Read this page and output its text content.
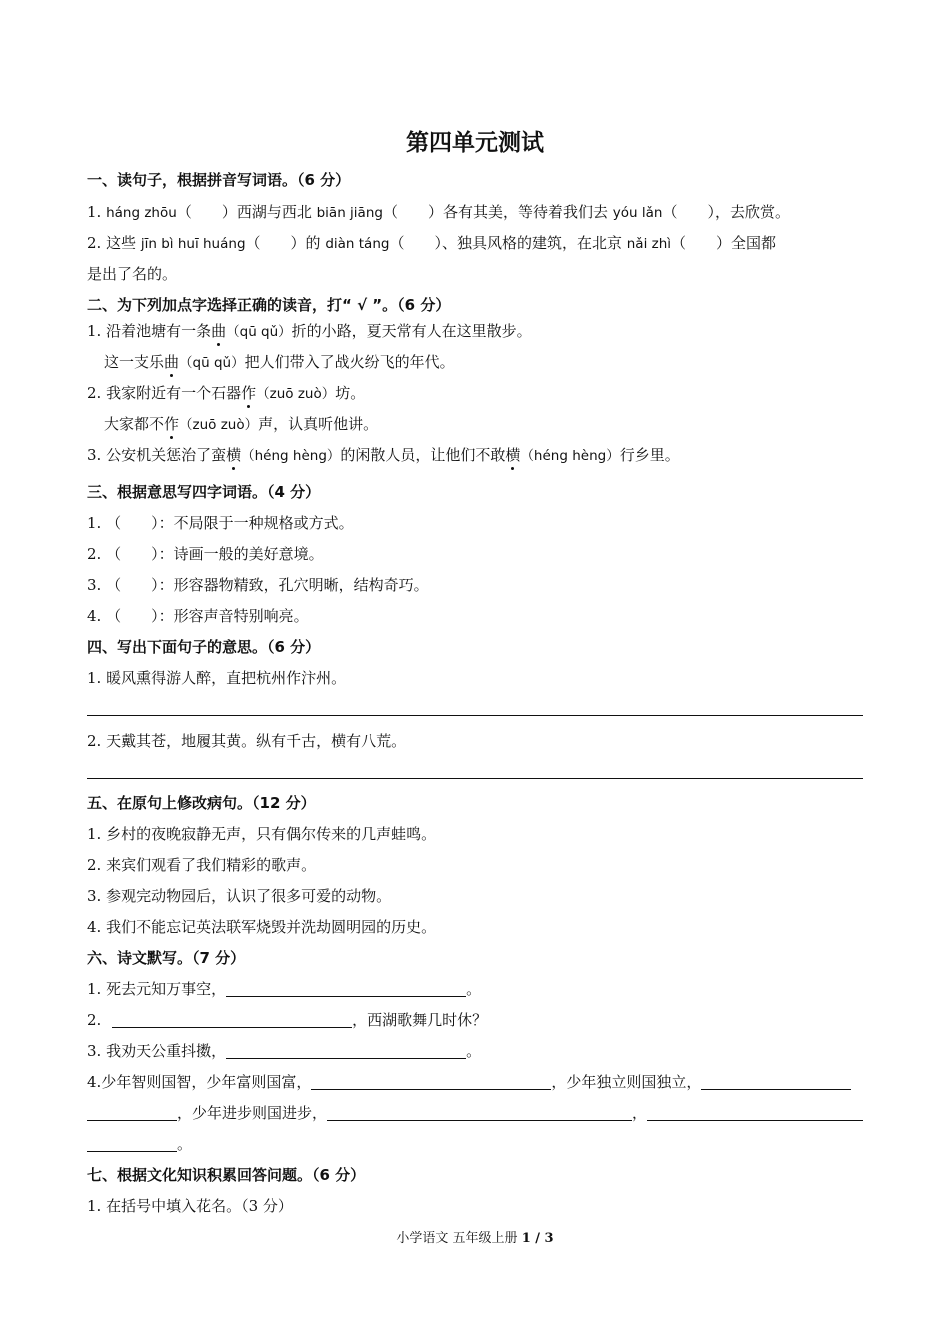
第四单元测试
一、读句子，根据拼音写词语。（6 分）
1. háng zhōu（　　）西湖与西北 biān jiāng（　　）各有其美，等待着我们去 yóu lǎn（　　），去欣赏。
2. 这些 jīn bì huī huáng（　　）的 diàn táng（　　）、独具风格的建筑，在北京 nǎi zhì（　　）全国都
是出了名的。
二、为下列加点字选择正确的读音，打“ √ ”。（6 分）
1. 沿着池塘有一条曲（qū qǔ）折的小路，夏天常有人在这里散步。
这一支乐曲（qū qǔ）把人们带入了战火纷飞的年代。
2. 我家附近有一个石器作（zuō zuò）坊。
大家都不作（zuō zuò）声，认真听他讲。
3. 公安机关惩治了蛮横（héng hèng）的闲散人员，让他们不敢横（héng hèng）行乡里。
三、根据意思写四字词语。（4 分）
1. （　　）：不局限于一种规格或方式。
2. （　　）：诗画一般的美好意境。
3. （　　）：形容器物精致，孔穴明晰，结构奇巧。
4. （　　）：形容声音特别响亮。
四、写出下面句子的意思。（6 分）
1. 暖风熏得游人醉，直把杭州作汴州。
2. 天戴其苍，地履其黄。纵有千古，横有八荒。
五、在原句上修改病句。（12 分）
1. 乡村的夜晚寂静无声，只有偶尔传来的几声蛙鸣。
2. 来宾们观看了我们精彩的歌声。
3. 参观完动物园后，认识了很多可爱的动物。
4. 我们不能忘记英法联军烧毁并洗劫圆明园的历史。
六、诗文默写。（7 分）
1. 死去元知万事空，	。
2.	，西湖歌舞几时休？
3. 我劝天公重抖擞，	。
4.少年智则国智，少年富则国富，	，少年独立则国独立，
，少年进步则国进步，	，
。
七、根据文化知识积累回答问题。（6 分）
1. 在括号中填入花名。（3 分）
小学语文 五年级上册 1 / 3
